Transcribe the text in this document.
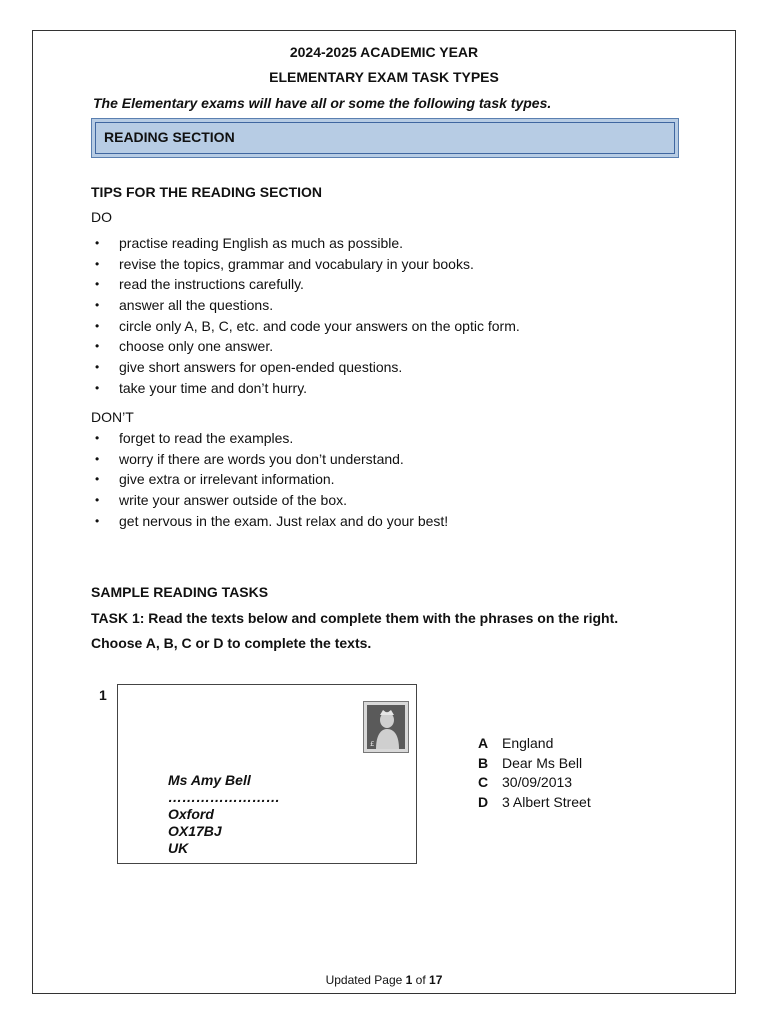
2024-2025 ACADEMIC YEAR
ELEMENTARY EXAM TASK TYPES
The Elementary exams will have all or some the following task types.
READING SECTION
TIPS FOR THE READING SECTION
DO
• practise reading English as much as possible.
• revise the topics, grammar and vocabulary in your books.
• read the instructions carefully.
• answer all the questions.
• circle only A, B, C, etc. and code your answers on the optic form.
• choose only one answer.
• give short answers for open-ended questions.
• take your time and don’t hurry.
DON’T
• forget to read the examples.
• worry if there are words you don’t understand.
• give extra or irrelevant information.
• write your answer outside of the box.
• get nervous in the exam. Just relax and do your best!
SAMPLE READING TASKS
TASK 1: Read the texts below and complete them with the phrases on the right.
Choose A, B, C or D to complete the texts.
1
£
Ms Amy Bell
……………………
Oxford
OX17BJ
UK
A England
B Dear Ms Bell
C 30/09/2013
D 3 Albert Street
Updated Page 1 of 17
